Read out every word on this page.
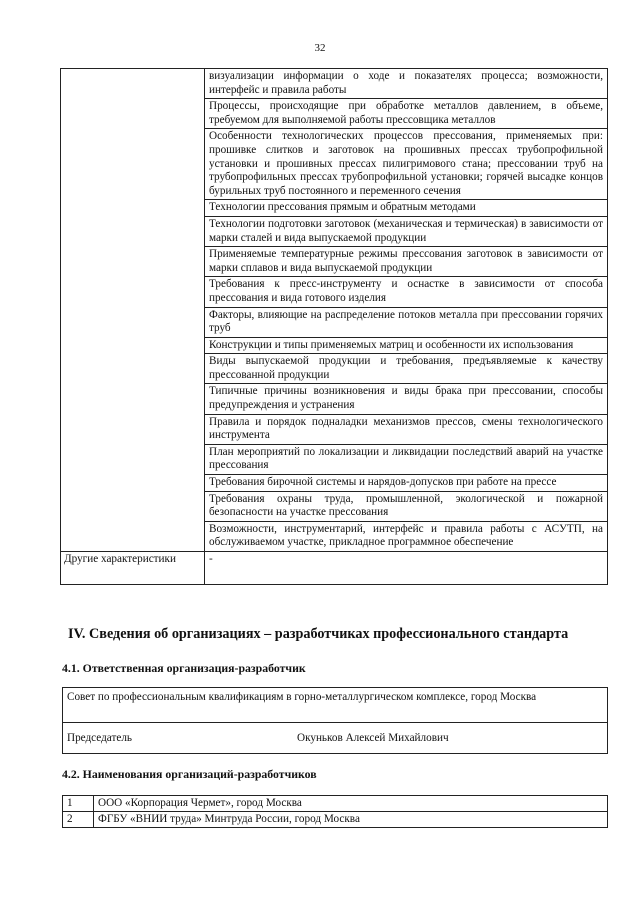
32
	визуализации информации о ходе и показателях процесса; возможности, интерфейс и правила работы
	Процессы, происходящие при обработке металлов давлением, в объеме, требуемом для выполняемой работы прессовщика металлов
	Особенности технологических процессов прессования, применяемых при: прошивке слитков и заготовок на прошивных прессах трубопрофильной установки и прошивных прессах пилигримового стана; прессовании труб на трубопрофильных прессах трубопрофильной установки; горячей высадке концов бурильных труб постоянного и переменного сечения
	Технологии прессования прямым и обратным методами
	Технологии подготовки заготовок (механическая и термическая) в зависимости от марки сталей и вида выпускаемой продукции
	Применяемые температурные режимы прессования заготовок в зависимости от марки сплавов и вида выпускаемой продукции
	Требования к пресс-инструменту и оснастке в зависимости от способа прессования и вида готового изделия
	Факторы, влияющие на распределение потоков металла при прессовании горячих труб
	Конструкции и типы применяемых матриц и особенности их использования
	Виды выпускаемой продукции и требования, предъявляемые к качеству прессованной продукции
	Типичные причины возникновения и виды брака при прессовании, способы предупреждения и устранения
	Правила и порядок подналадки механизмов прессов, смены технологического инструмента
	План мероприятий по локализации и ликвидации последствий аварий на участке прессования
	Требования бирочной системы и нарядов-допусков при работе на прессе
	Требования охраны труда, промышленной, экологической и пожарной безопасности на участке прессования
	Возможности, инструментарий, интерфейс и правила работы с АСУТП, на обслуживаемом участке, прикладное программное обеспечение
Другие характеристики	-
IV. Сведения об организациях – разработчиках профессионального стандарта
4.1. Ответственная организация-разработчик
Совет по профессиональным квалификациям в горно-металлургическом комплексе, город Москва
Председатель	Окуньков Алексей Михайлович
4.2. Наименования организаций-разработчиков
1	ООО «Корпорация Чермет», город Москва
2	ФГБУ «ВНИИ труда» Минтруда России, город Москва
